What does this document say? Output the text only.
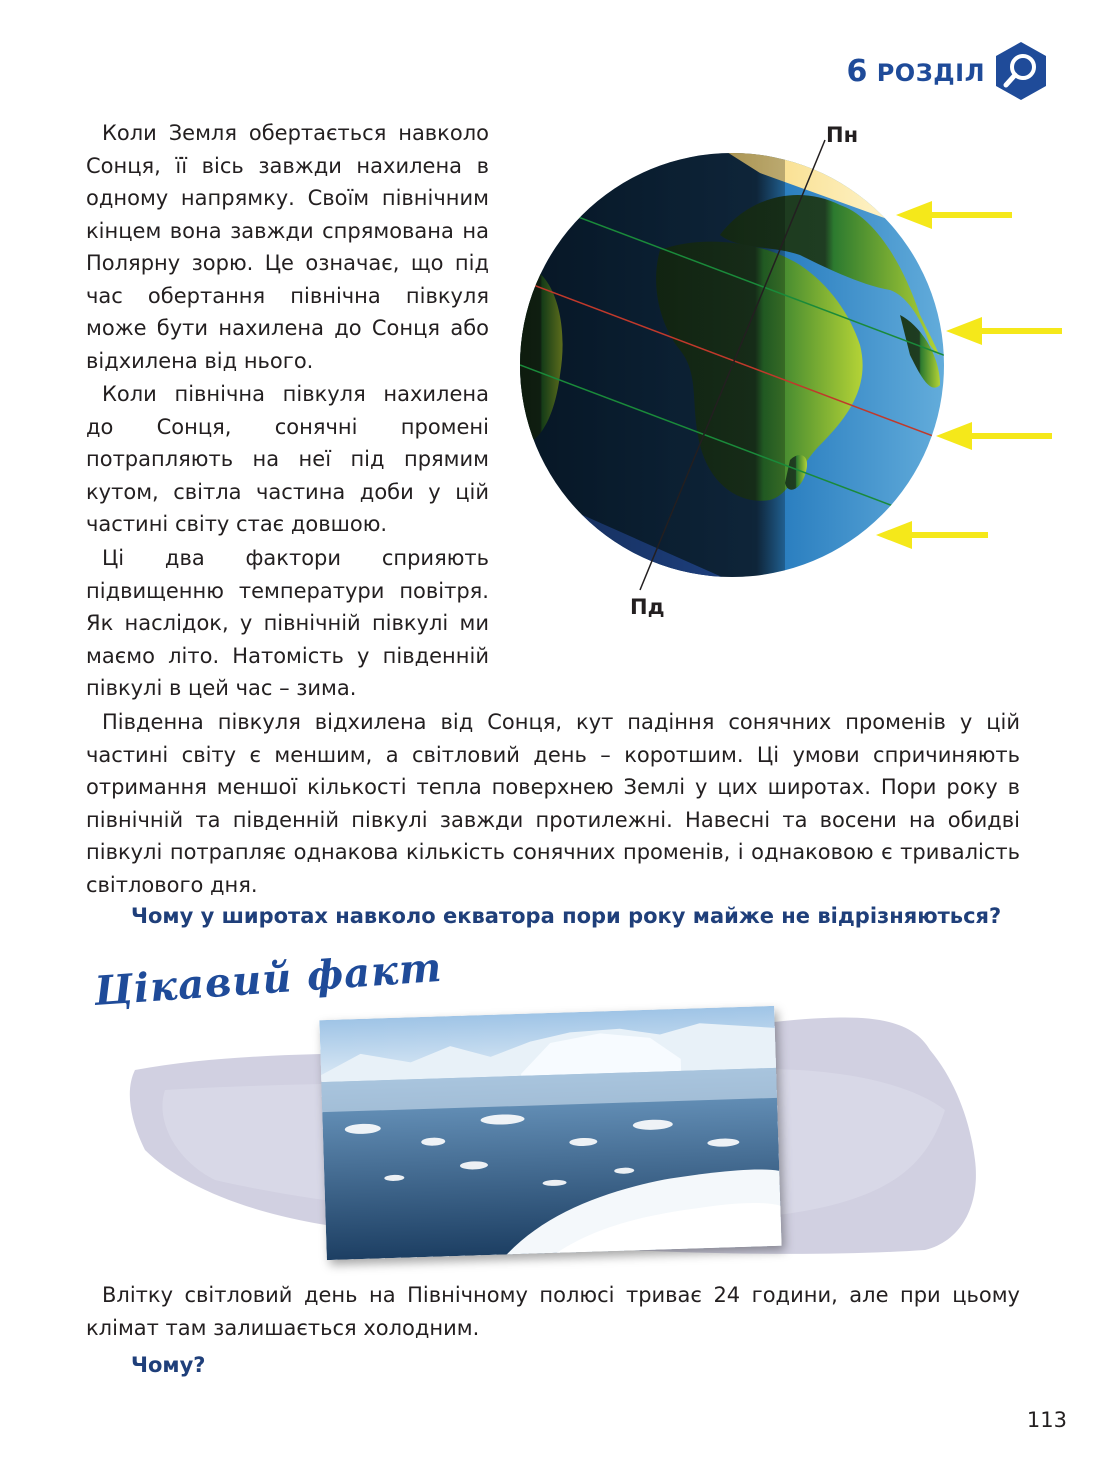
6 РОЗДІЛ

Коли Земля обертається навколо Сонця, її вісь завжди нахилена в одному напрямку. Своїм північним кінцем вона завжди спрямована на Полярну зорю. Це означає, що під час обертання північна півкуля може бути нахилена до Сонця або відхилена від нього.

Коли північна півкуля нахилена до Сонця, сонячні промені потрапляють на неї під прямим кутом, світла частина доби у цій частині світу стає довшою.

Ці два фактори сприяють підвищенню температури повітря. Як наслідок, у північній півкулі ми маємо літо. Натомість у південній півкулі в цей час – зима.

Пн
Пд

Південна півкуля відхилена від Сонця, кут падіння сонячних променів у цій частині світу є меншим, а світловий день – коротшим. Ці умови спричиняють отримання меншої кількості тепла поверхнею Землі у цих широтах. Пори року в північній та південній півкулі завжди протилежні. Навесні та восени на обидві півкулі потрапляє однакова кількість сонячних променів, і однаковою є тривалість світлового дня.

Чому у широтах навколо екватора пори року майже не відрізняються?

Цікавий факт

Влітку світловий день на Північному полюсі триває 24 години, але при цьому клімат там залишається холодним.

Чому?

113
